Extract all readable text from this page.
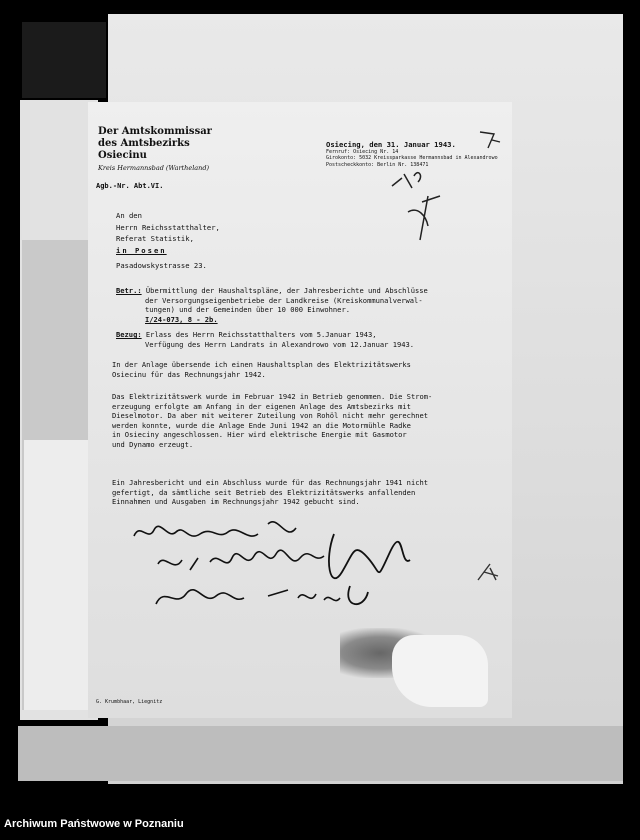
Der Amtskommissar
des Amtsbezirks Osiecinu
Kreis Hermannsbad (Wartheland)
Agb.-Nr. Abt.VI.
Osiecing, den 31. Januar 1943.
Fernruf: Osiecing Nr. 14
Girokonto: 5032 Kreissparkasse Hermannsbad in Alexandrowo
Postscheckkonto: Berlin Nr. 138471
An den
Herrn Reichsstatthalter,
Referat Statistik,
in Posen
Pasadowskystrasse 23.
Betr.: Übermittlung der Haushaltspläne, der Jahresberichte und Abschlüsse
der Versorgungseigenbetriebe der Landkreise (Kreiskommunalverwal-
tungen) und der Gemeinden über 10 000 Einwohner.
I/24-073, 8 - 2b.
Bezug: Erlass des Herrn Reichsstatthalters vom 5.Januar 1943,
Verfügung des Herrn Landrats in Alexandrowo vom 12.Januar 1943.
In der Anlage übersende ich einen Haushaltsplan des Elektrizitätswerks
Osiecinu für das Rechnungsjahr 1942.
Das Elektrizitätswerk wurde im Februar 1942 in Betrieb genommen. Die Strom-
erzeugung erfolgte am Anfang in der eigenen Anlage des Amtsbezirks mit
Dieselmotor. Da aber mit weiterer Zuteilung von Rohöl nicht mehr gerechnet
werden konnte, wurde die Anlage Ende Juni 1942 an die Motormühle Radke
in Osieciny angeschlossen. Hier wird elektrische Energie mit Gasmotor
und Dynamo erzeugt.
Ein Jahresbericht und ein Abschluss wurde für das Rechnungsjahr 1941 nicht
gefertigt, da sämtliche seit Betrieb des Elektrizitätswerks anfallenden
Einnahmen und Ausgaben im Rechnungsjahr 1942 gebucht sind.
G. Krumbhaar, Liegnitz
Archiwum Państwowe w Poznaniu
